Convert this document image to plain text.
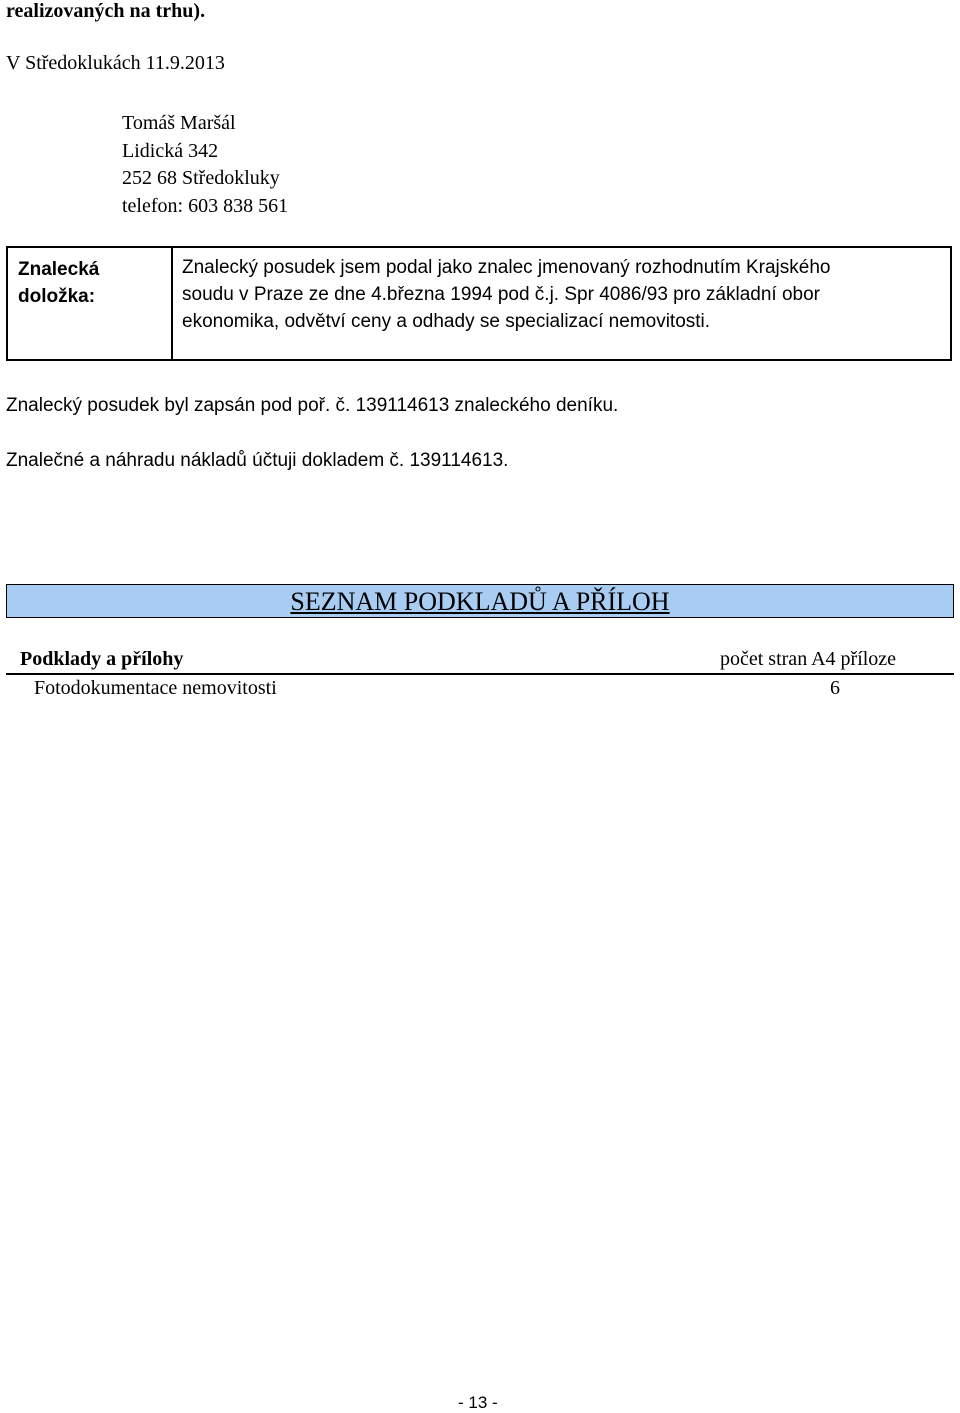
realizovaných na trhu).
V Středoklukách 11.9.2013
Tomáš Maršál
Lidická 342
252 68 Středokluky
telefon: 603 838 561
Znalecká
doložka:
Znalecký posudek jsem podal jako znalec jmenovaný rozhodnutím Krajského
soudu v Praze ze dne 4.března 1994 pod č.j. Spr 4086/93 pro základní obor
ekonomika, odvětví ceny a odhady se specializací nemovitosti.
Znalecký posudek byl zapsán pod poř. č. 139114613 znaleckého deníku.
Znalečné a náhradu nákladů účtuji dokladem č. 139114613.
SEZNAM PODKLADŮ A PŘÍLOH
Podklady a přílohy	počet stran A4 příloze
Fotodokumentace nemovitosti	6
- 13 -
